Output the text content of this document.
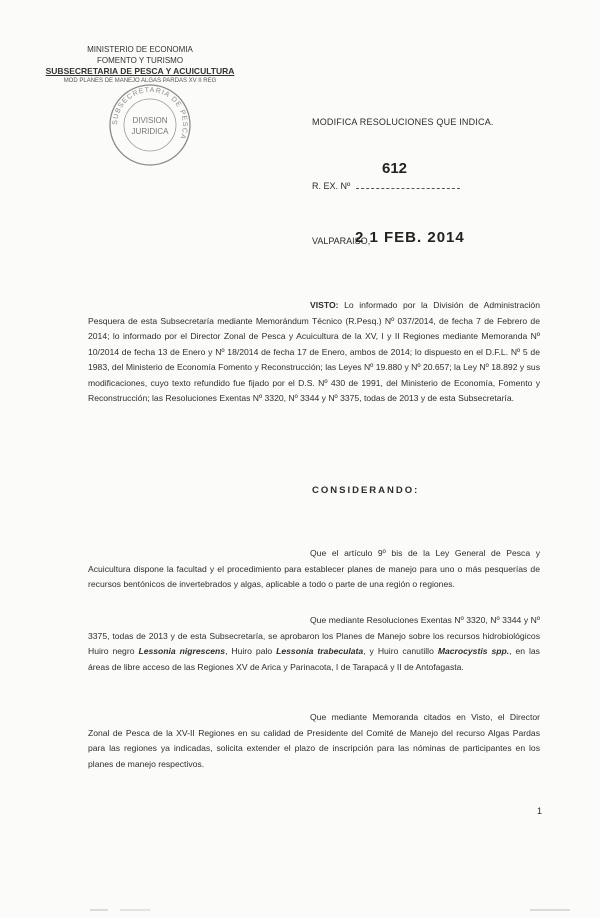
MINISTERIO DE ECONOMIA
FOMENTO Y TURISMO
SUBSECRETARIA DE PESCA Y ACUICULTURA
MOD PLANES DE MANEJO ALGAS PARDAS XV II REG
SUBSECRETARIA DE PESCA
DIVISION
JURIDICA
MODIFICA RESOLUCIONES QUE INDICA.
612
R. EX. Nº
VALPARAISO,
2 1 FEB. 2014
VISTO: Lo informado por la División de Administración Pesquera de esta Subsecretaría mediante Memorándum Técnico (R.Pesq.) Nº 037/2014, de fecha 7 de Febrero de 2014; lo informado por el Director Zonal de Pesca y Acuicultura de la XV, I y II Regiones mediante Memoranda Nº 10/2014 de fecha 13 de Enero y Nº 18/2014 de fecha 17 de Enero, ambos de 2014; lo dispuesto en el D.F.L. Nº 5 de 1983, del Ministerio de Economía Fomento y Reconstrucción; las Leyes Nº 19.880 y Nº 20.657; la Ley Nº 18.892 y sus modificaciones, cuyo texto refundido fue fijado por el D.S. Nº 430 de 1991, del Ministerio de Economía, Fomento y Reconstrucción; las Resoluciones Exentas Nº 3320, Nº 3344 y Nº 3375, todas de 2013 y de esta Subsecretaría.
CONSIDERANDO:
Que el artículo 9º bis de la Ley General de Pesca y Acuicultura dispone la facultad y el procedimiento para establecer planes de manejo para uno o más pesquerías de recursos bentónicos de invertebrados y algas, aplicable a todo o parte de una región o regiones.
Que mediante Resoluciones Exentas Nº 3320, Nº 3344 y Nº 3375, todas de 2013 y de esta Subsecretaría, se aprobaron los Planes de Manejo sobre los recursos hidrobiológicos Huiro negro Lessonia nigrescens, Huiro palo Lessonia trabeculata, y Huiro canutillo Macrocystis spp., en las áreas de libre acceso de las Regiones XV de Arica y Parinacota, I de Tarapacá y II de Antofagasta.
Que mediante Memoranda citados en Visto, el Director Zonal de Pesca de la XV-II Regiones en su calidad de Presidente del Comité de Manejo del recurso Algas Pardas para las regiones ya indicadas, solicita extender el plazo de inscripción para las nóminas de participantes en los planes de manejo respectivos.
1
